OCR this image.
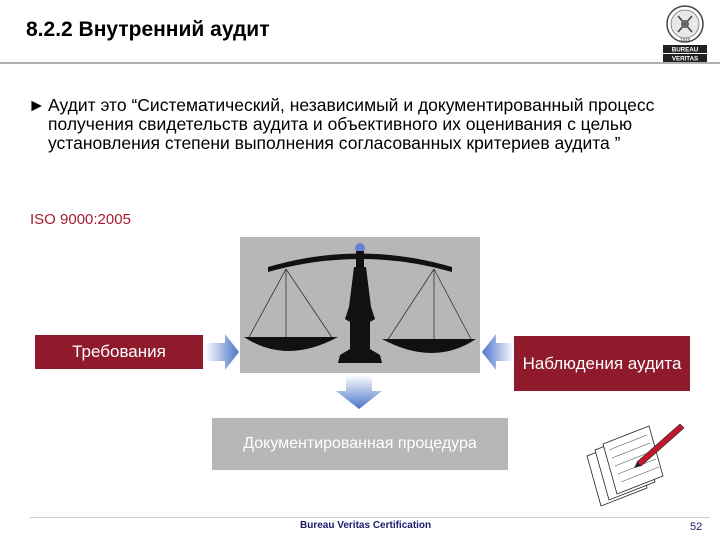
8.2.2 Внутренний аудит
BUREAU
VERITAS
1828
► Аудит это “Систематический, независимый и документированный процесс получения свидетельств аудита и объективного их оценивания с целью установления степени выполнения согласованных критериев аудита ”
ISO 9000:2005
Требования
Наблюдения аудита
Документированная процедура
Bureau Veritas Certification	52
